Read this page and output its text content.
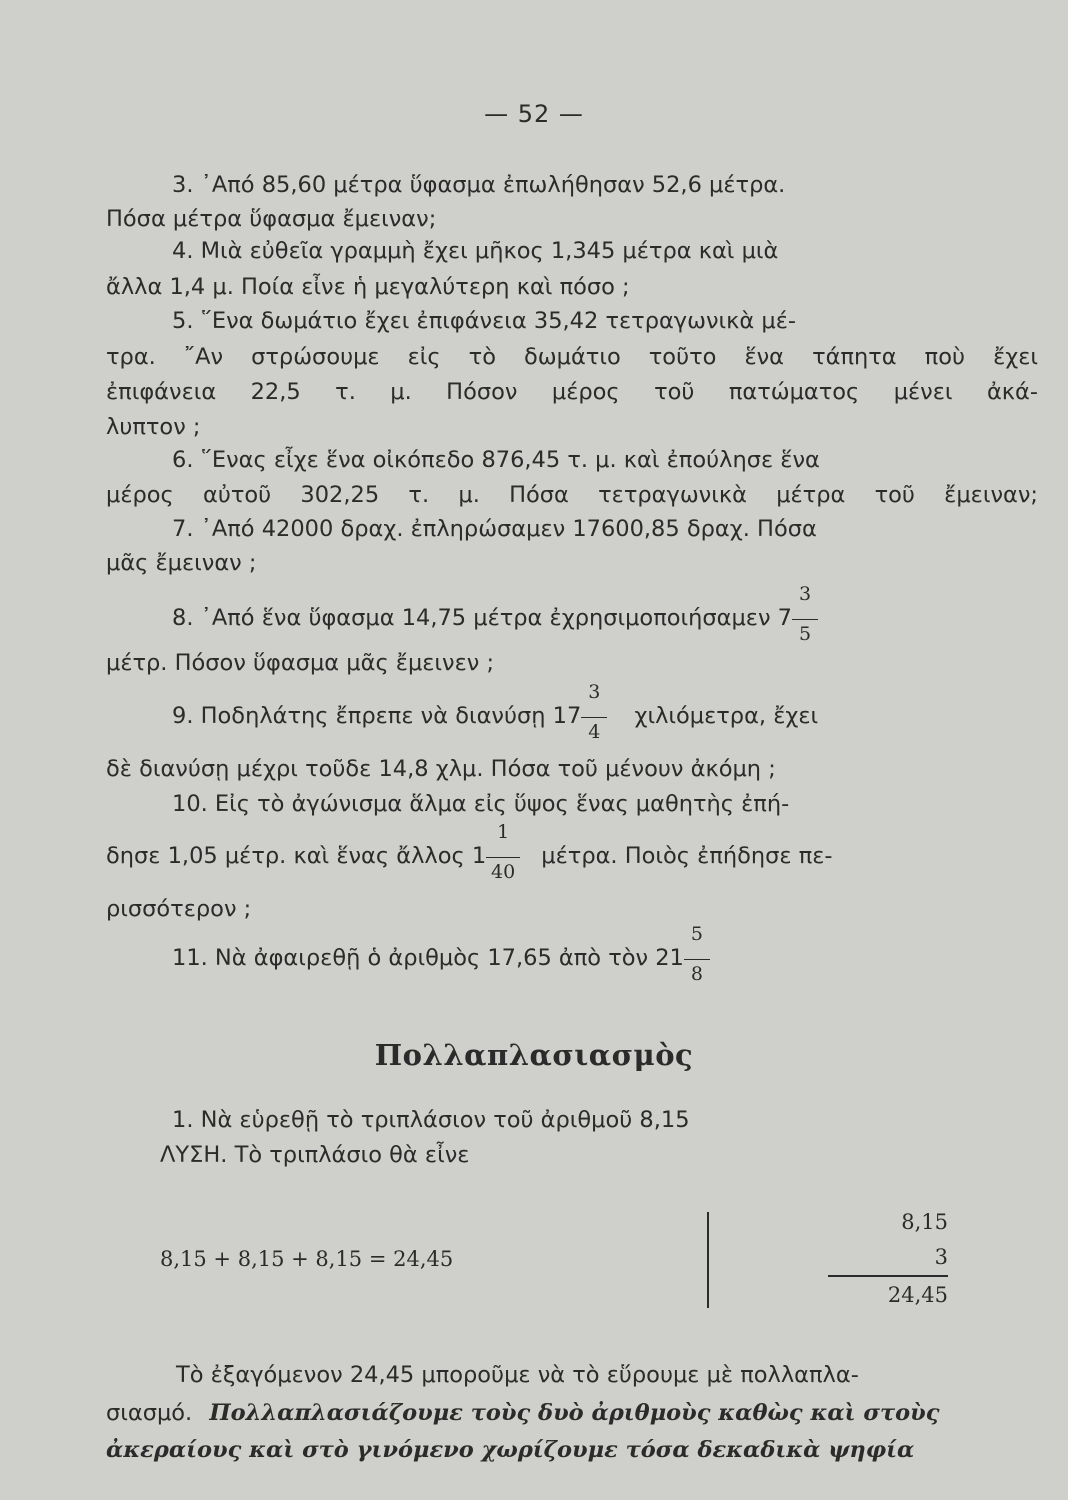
— 52 —
3. ᾿Από 85,60 μέτρα ὕφασμα ἐπωλήθησαν 52,6 μέτρα.
Πόσα μέτρα ὕφασμα ἔμειναν;
4. Μιὰ εὐθεῖα γραμμὴ ἔχει μῆκος 1,345 μέτρα καὶ μιὰ
ἄλλα 1,4 μ. Ποία εἶνε ἡ μεγαλύτερη καὶ πόσο ;
5. ῞Ενα δωμάτιο ἔχει ἐπιφάνεια 35,42 τετραγωνικὰ μέ-
τρα. ῎Αν στρώσουμε εἰς τὸ δωμάτιο τοῦτο ἕνα τάπητα ποὺ ἔχει
ἐπιφάνεια 22,5 τ. μ. Πόσον μέρος τοῦ πατώματος μένει ἀκά-
λυπτον ;
6. ῞Ενας εἶχε ἕνα οἰκόπεδο 876,45 τ. μ. καὶ ἐπούλησε ἕνα
μέρος αὐτοῦ 302,25 τ. μ. Πόσα τετραγωνικὰ μέτρα τοῦ ἔμειναν;
7. ᾿Από 42000 δραχ. ἐπληρώσαμεν 17600,85 δραχ. Πόσα
μᾶς ἔμειναν ;
8. ᾿Από ἕνα ὕφασμα 14,75 μέτρα ἐχρησιμοποιήσαμεν $7 \frac{3}{5}$
μέτρ. Πόσον ὕφασμα μᾶς ἔμεινεν ;
9. Ποδηλάτης ἔπρεπε νὰ διανύσῃ $17 \frac{3}{4} \chi\iota\lambda\iota ό\mu\varepsilon\tau\rho\alpha$, ἔχει
δὲ διανύσῃ μέχρι τοῦδε 14,8 χλμ. Πόσα τοῦ μένουν ἀκόμη ;
10. Εἰς τὸ ἀγώνισμα ἅλμα εἰς ὕψος ἕνας μαθητὴς ἐπή-
δησε 1,05 μέτρ. καὶ ἕνας ἄλλος $1 \frac{1}{40} \mu έ\tau\rho\alpha$. Ποιὸς ἐπήδησε πε-
ρισσότερον ;
11. Νὰ ἀφαιρεθῇ ὁ ἀριθμὸς 17,65 ἀπὸ τὸν $21 \frac{5}{8}$
Πολλαπλασιασμὸς
1. Νὰ εὑρεθῇ τὸ τριπλάσιον τοῦ ἀριθμοῦ 8,15
ΛΥΣΗ. Τὸ τριπλάσιο θὰ εἶνε
8,15 + 8,15 + 8,15 = 24,45
8,15
3
24,45
Τὸ ἐξαγόμενον 24,45 μποροῦμε νὰ τὸ εὕρουμε μὲ πολλαπλα-
σιασμό. Πολλαπλασιάζουμε τοὺς δυὸ ἀριθμοὺς καθὼς καὶ στοὺς
ἀκεραίους καὶ στὸ γινόμενο χωρίζουμε τόσα δεκαδικὰ ψηφία
